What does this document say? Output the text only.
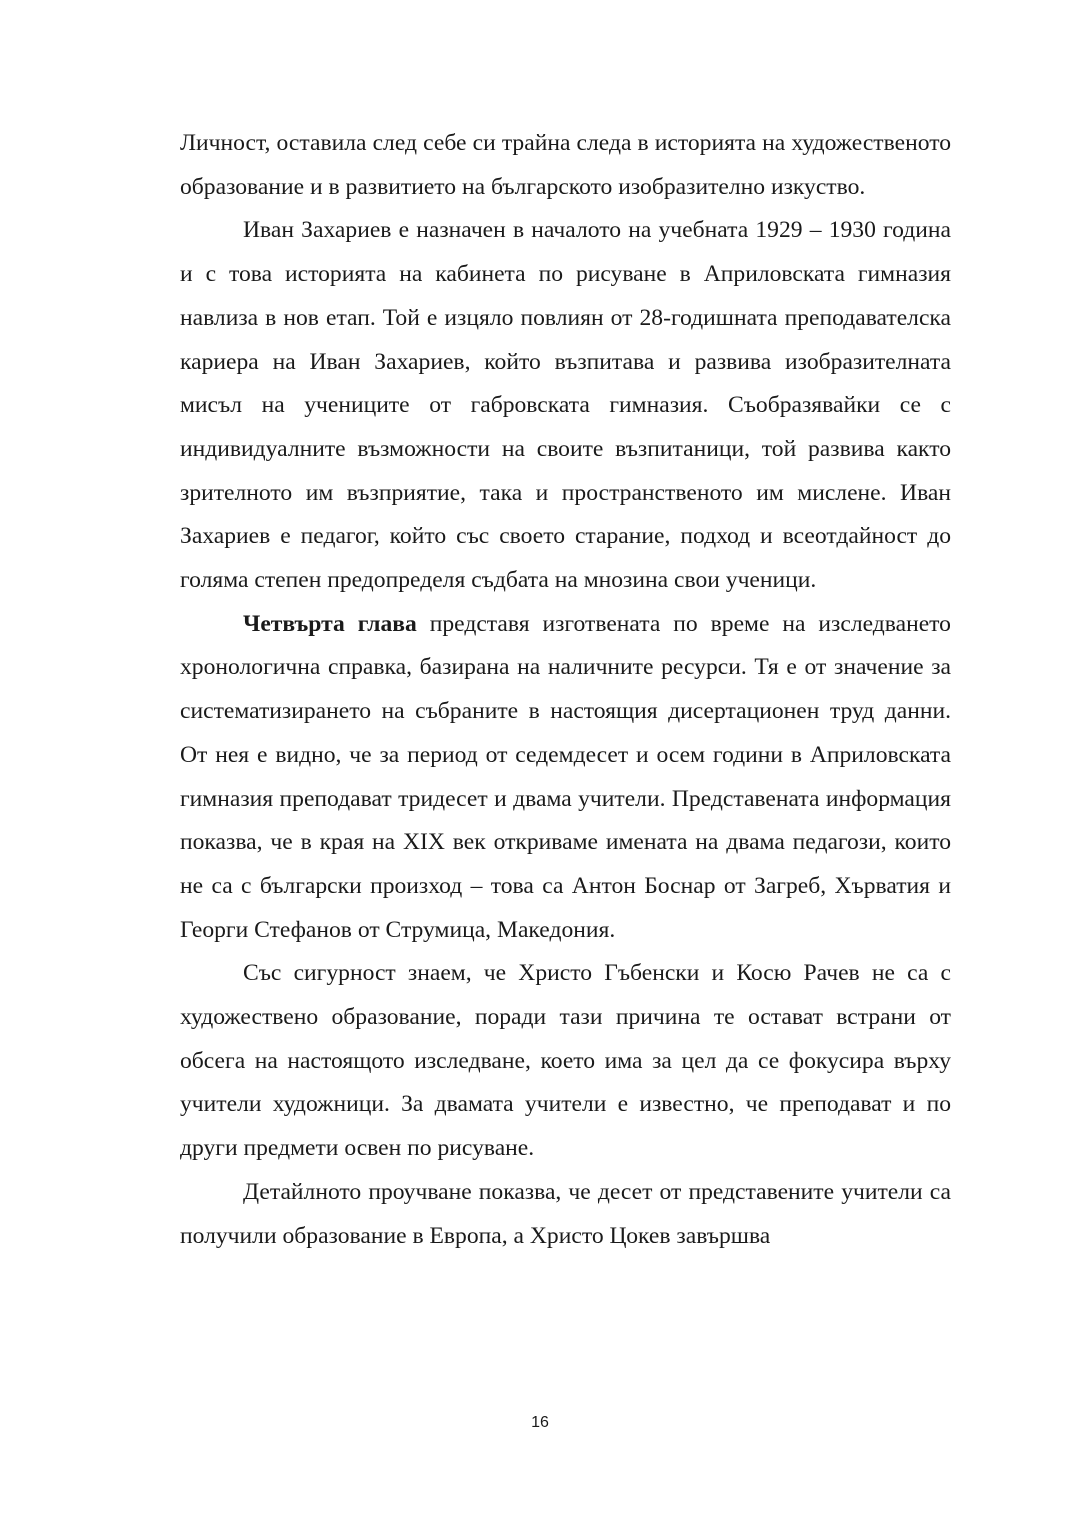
Личност, оставила след себе си трайна следа в историята на художественото образование и в развитието на българското изобразително изкуство.

Иван Захариев е назначен в началото на учебната 1929 – 1930 година и с това историята на кабинета по рисуване в Априловската гимназия навлиза в нов етап. Той е изцяло повлиян от 28-годишната преподавателска кариера на Иван Захариев, който възпитава и развива изобразителната мисъл на учениците от габровската гимназия. Съобразявайки се с индивидуалните възможности на своите възпитаници, той развива както зрителното им възприятие, така и пространственото им мислене. Иван Захариев е педагог, който със своето старание, подход и всеотдайност до голяма степен предопределя съдбата на мнозина свои ученици.

Четвърта глава представя изготвената по време на изследването хронологична справка, базирана на наличните ресурси. Тя е от значение за систематизирането на събраните в настоящия дисертационен труд данни. От нея е видно, че за период от седемдесет и осем години в Априловската гимназия преподават тридесет и двама учители. Представената информация показва, че в края на XIX век откриваме имената на двама педагози, които не са с български произход – това са Антон Боснар от Загреб, Хърватия и Георги Стефанов от Струмица, Македония.

Със сигурност знаем, че Христо Гъбенски и Косю Рачев не са с художествено образование, поради тази причина те остават встрани от обсега на настоящото изследване, което има за цел да се фокусира върху учители художници. За двамата учители е известно, че преподават и по други предмети освен по рисуване.

Детайлното проучване показва, че десет от представените учители са получили образование в Европа, а Христо Цокев завършва

16
